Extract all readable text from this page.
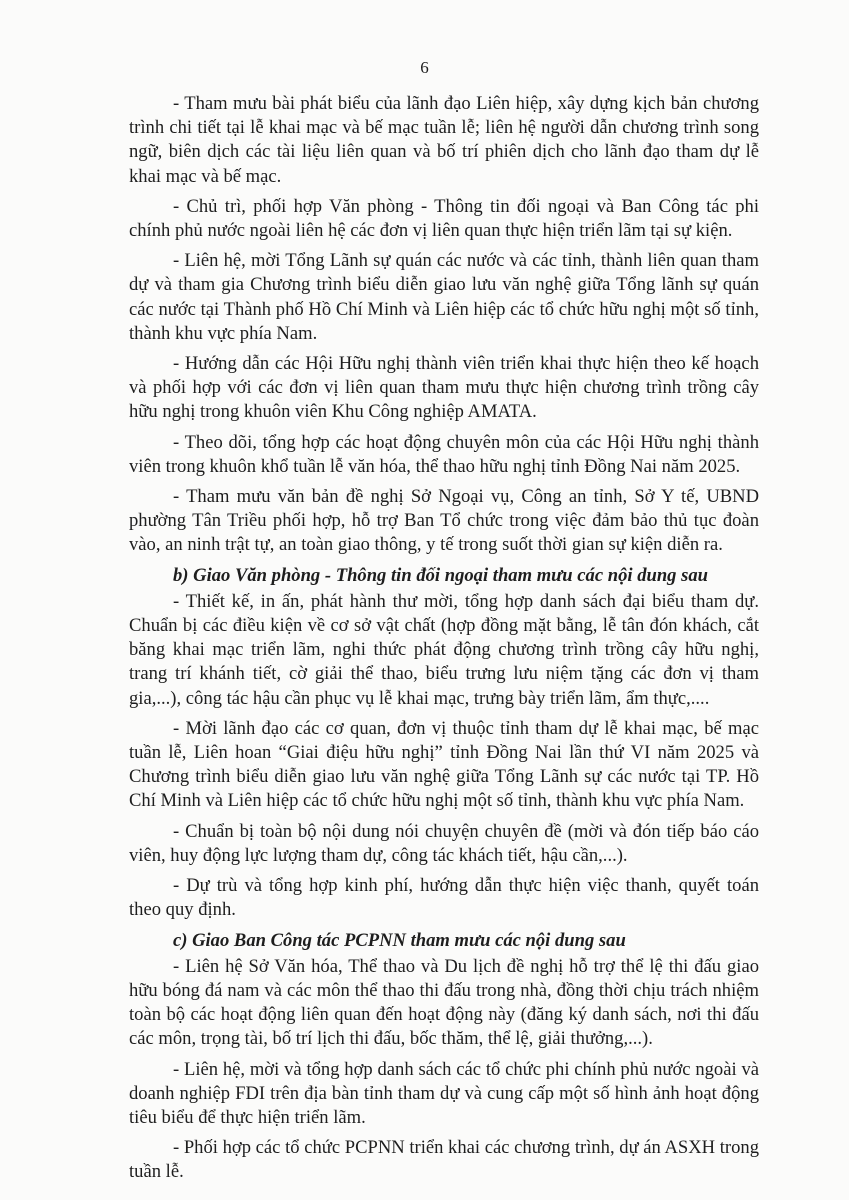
6

- Tham mưu bài phát biểu của lãnh đạo Liên hiệp, xây dựng kịch bản chương trình chi tiết tại lễ khai mạc và bế mạc tuần lễ; liên hệ người dẫn chương trình song ngữ, biên dịch các tài liệu liên quan và bố trí phiên dịch cho lãnh đạo tham dự lễ khai mạc và bế mạc.

- Chủ trì, phối hợp Văn phòng - Thông tin đối ngoại và Ban Công tác phi chính phủ nước ngoài liên hệ các đơn vị liên quan thực hiện triển lãm tại sự kiện.

- Liên hệ, mời Tổng Lãnh sự quán các nước và các tỉnh, thành liên quan tham dự và tham gia Chương trình biểu diễn giao lưu văn nghệ giữa Tổng lãnh sự quán các nước tại Thành phố Hồ Chí Minh và Liên hiệp các tổ chức hữu nghị một số tỉnh, thành khu vực phía Nam.

- Hướng dẫn các Hội Hữu nghị thành viên triển khai thực hiện theo kế hoạch và phối hợp với các đơn vị liên quan tham mưu thực hiện chương trình trồng cây hữu nghị trong khuôn viên Khu Công nghiệp AMATA.

- Theo dõi, tổng hợp các hoạt động chuyên môn của các Hội Hữu nghị thành viên trong khuôn khổ tuần lễ văn hóa, thể thao hữu nghị tỉnh Đồng Nai năm 2025.

- Tham mưu văn bản đề nghị Sở Ngoại vụ, Công an tỉnh, Sở Y tế, UBND phường Tân Triều phối hợp, hỗ trợ Ban Tổ chức trong việc đảm bảo thủ tục đoàn vào, an ninh trật tự, an toàn giao thông, y tế trong suốt thời gian sự kiện diễn ra.

b) Giao Văn phòng - Thông tin đối ngoại tham mưu các nội dung sau

- Thiết kế, in ấn, phát hành thư mời, tổng hợp danh sách đại biểu tham dự. Chuẩn bị các điều kiện về cơ sở vật chất (hợp đồng mặt bằng, lễ tân đón khách, cắt băng khai mạc triển lãm, nghi thức phát động chương trình trồng cây hữu nghị, trang trí khánh tiết, cờ giải thể thao, biểu trưng lưu niệm tặng các đơn vị tham gia,...), công tác hậu cần phục vụ lễ khai mạc, trưng bày triển lãm, ẩm thực,....

- Mời lãnh đạo các cơ quan, đơn vị thuộc tỉnh tham dự lễ khai mạc, bế mạc tuần lễ, Liên hoan “Giai điệu hữu nghị” tỉnh Đồng Nai lần thứ VI năm 2025 và Chương trình biểu diễn giao lưu văn nghệ giữa Tổng Lãnh sự các nước tại TP. Hồ Chí Minh và Liên hiệp các tổ chức hữu nghị một số tỉnh, thành khu vực phía Nam.

- Chuẩn bị toàn bộ nội dung nói chuyện chuyên đề (mời và đón tiếp báo cáo viên, huy động lực lượng tham dự, công tác khách tiết, hậu cần,...).

- Dự trù và tổng hợp kinh phí, hướng dẫn thực hiện việc thanh, quyết toán theo quy định.

c) Giao Ban Công tác PCPNN tham mưu các nội dung sau

- Liên hệ Sở Văn hóa, Thể thao và Du lịch đề nghị hỗ trợ thể lệ thi đấu giao hữu bóng đá nam và các môn thể thao thi đấu trong nhà, đồng thời chịu trách nhiệm toàn bộ các hoạt động liên quan đến hoạt động này (đăng ký danh sách, nơi thi đấu các môn, trọng tài, bố trí lịch thi đấu, bốc thăm, thể lệ, giải thưởng,...).

- Liên hệ, mời và tổng hợp danh sách các tổ chức phi chính phủ nước ngoài và doanh nghiệp FDI trên địa bàn tỉnh tham dự và cung cấp một số hình ảnh hoạt động tiêu biểu để thực hiện triển lãm.

- Phối hợp các tổ chức PCPNN triển khai các chương trình, dự án ASXH trong tuần lễ.
